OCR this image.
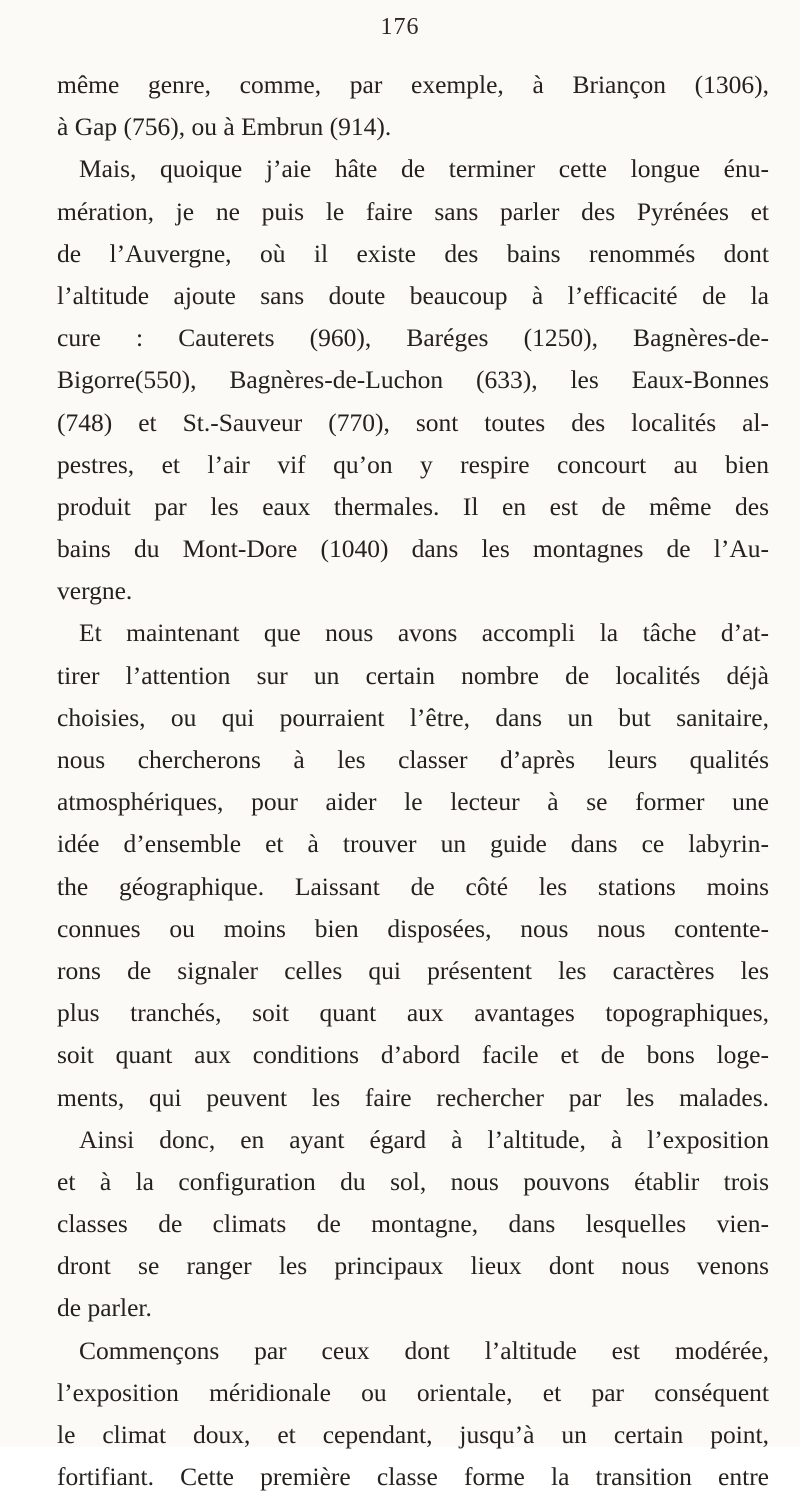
176
même genre, comme, par exemple, à Briançon (1306),
à Gap (756), ou à Embrun (914).
Mais, quoique j’aie hâte de terminer cette longue énu-
mération, je ne puis le faire sans parler des Pyrénées et
de l’Auvergne, où il existe des bains renommés dont
l’altitude ajoute sans doute beaucoup à l’efficacité de la
cure : Cauterets (960), Baréges (1250), Bagnères-de-
Bigorre(550), Bagnères-de-Luchon (633), les Eaux-Bonnes
(748) et St.-Sauveur (770), sont toutes des localités al-
pestres, et l’air vif qu’on y respire concourt au bien
produit par les eaux thermales. Il en est de même des
bains du Mont-Dore (1040) dans les montagnes de l’Au-
vergne.
Et maintenant que nous avons accompli la tâche d’at-
tirer l’attention sur un certain nombre de localités déjà
choisies, ou qui pourraient l’être, dans un but sanitaire,
nous chercherons à les classer d’après leurs qualités
atmosphériques, pour aider le lecteur à se former une
idée d’ensemble et à trouver un guide dans ce labyrin-
the géographique. Laissant de côté les stations moins
connues ou moins bien disposées, nous nous contente-
rons de signaler celles qui présentent les caractères les
plus tranchés, soit quant aux avantages topographiques,
soit quant aux conditions d’abord facile et de bons loge-
ments, qui peuvent les faire rechercher par les malades.
Ainsi donc, en ayant égard à l’altitude, à l’exposition
et à la configuration du sol, nous pouvons établir trois
classes de climats de montagne, dans lesquelles vien-
dront se ranger les principaux lieux dont nous venons
de parler.
Commençons par ceux dont l’altitude est modérée,
l’exposition méridionale ou orientale, et par conséquent
le climat doux, et cependant, jusqu’à un certain point,
fortifiant. Cette première classe forme la transition entre
